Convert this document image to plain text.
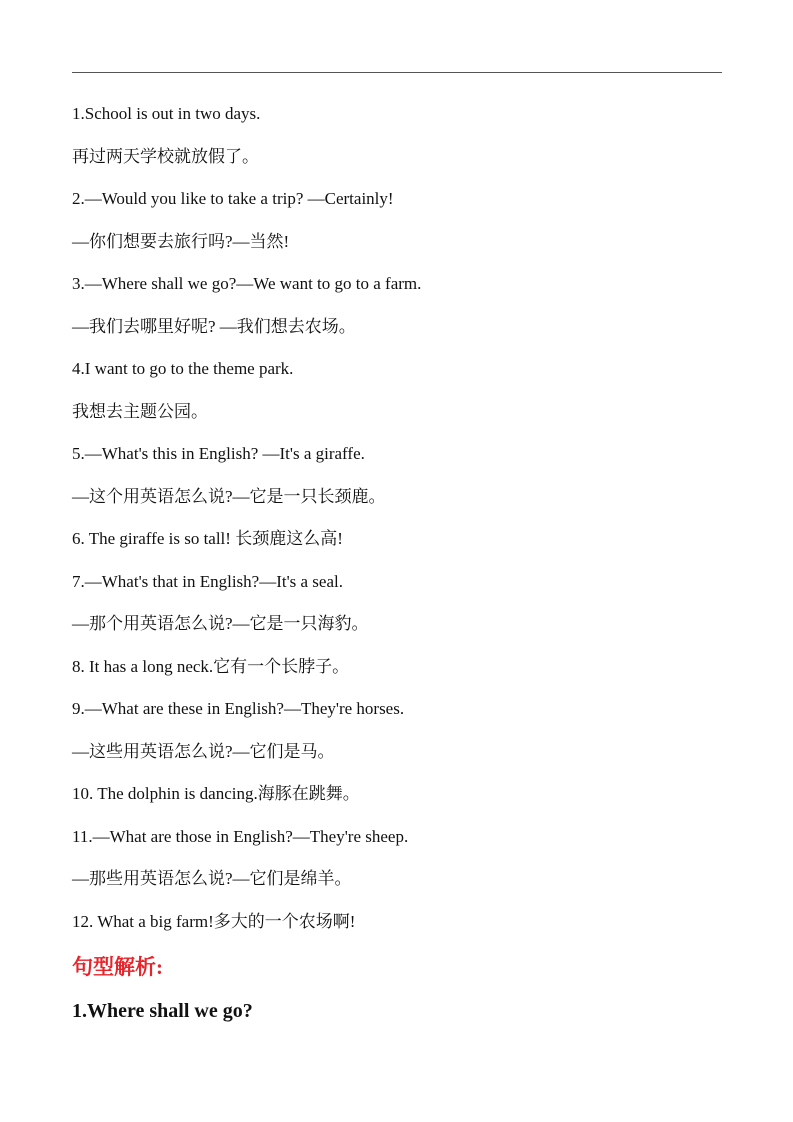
1.School is out in two days.

再过两天学校就放假了。

2.—Would you like to take a trip? —Certainly!

—你们想要去旅行吗?—当然!

3.—Where shall we go?—We want to go to a farm.

—我们去哪里好呢? —我们想去农场。

4.I want to go to the theme park.

我想去主题公园。

5.—What's this in English? —It's a giraffe.

—这个用英语怎么说?—它是一只长颈鹿。

6. The giraffe is so tall! 长颈鹿这么高!

7.—What's that in English?—It's a seal.

—那个用英语怎么说?—它是一只海豹。

8. It has a long neck.它有一个长脖子。

9.—What are these in English?—They're horses.

—这些用英语怎么说?—它们是马。

10. The dolphin is dancing.海豚在跳舞。

11.—What are those in English?—They're sheep.

—那些用英语怎么说?—它们是绵羊。

12. What a big farm!多大的一个农场啊!

句型解析:
1.Where shall we go?
